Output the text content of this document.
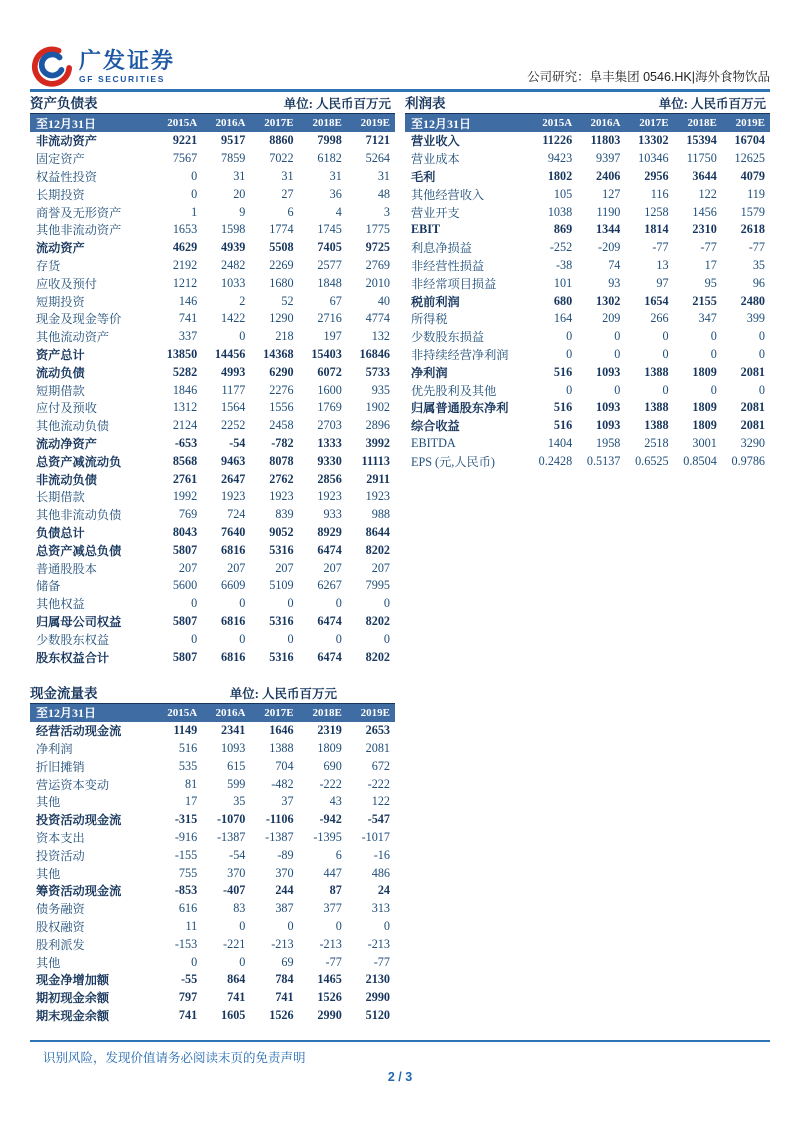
广发证券
GF SECURITIES	公司研究：阜丰集团 0546.HK|海外食物饮品
资产负债表	单位: 人民币百万元
至12月31日	2015A	2016A	2017E	2018E	2019E
非流动资产	9221	9517	8860	7998	7121
固定资产	7567	7859	7022	6182	5264
权益性投资	0	31	31	31	31
长期投资	0	20	27	36	48
商誉及无形资产	1	9	6	4	3
其他非流动资产	1653	1598	1774	1745	1775
流动资产	4629	4939	5508	7405	9725
存货	2192	2482	2269	2577	2769
应收及预付	1212	1033	1680	1848	2010
短期投资	146	2	52	67	40
现金及现金等价	741	1422	1290	2716	4774
其他流动资产	337	0	218	197	132
资产总计	13850	14456	14368	15403	16846
流动负债	5282	4993	6290	6072	5733
短期借款	1846	1177	2276	1600	935
应付及预收	1312	1564	1556	1769	1902
其他流动负债	2124	2252	2458	2703	2896
流动净资产	-653	-54	-782	1333	3992
总资产减流动负	8568	9463	8078	9330	11113
非流动负债	2761	2647	2762	2856	2911
长期借款	1992	1923	1923	1923	1923
其他非流动负债	769	724	839	933	988
负债总计	8043	7640	9052	8929	8644
总资产减总负债	5807	6816	5316	6474	8202
普通股股本	207	207	207	207	207
储备	5600	6609	5109	6267	7995
其他权益	0	0	0	0	0
归属母公司权益	5807	6816	5316	6474	8202
少数股东权益	0	0	0	0	0
股东权益合计	5807	6816	5316	6474	8202
现金流量表	单位: 人民币百万元
至12月31日	2015A	2016A	2017E	2018E	2019E
经营活动现金流	1149	2341	1646	2319	2653
净利润	516	1093	1388	1809	2081
折旧摊销	535	615	704	690	672
营运资本变动	81	599	-482	-222	-222
其他	17	35	37	43	122
投资活动现金流	-315	-1070	-1106	-942	-547
资本支出	-916	-1387	-1387	-1395	-1017
投资活动	-155	-54	-89	6	-16
其他	755	370	370	447	486
筹资活动现金流	-853	-407	244	87	24
债务融资	616	83	387	377	313
股权融资	11	0	0	0	0
股利派发	-153	-221	-213	-213	-213
其他	0	0	69	-77	-77
现金净增加额	-55	864	784	1465	2130
期初现金余额	797	741	741	1526	2990
期末现金余额	741	1605	1526	2990	5120
利润表	单位: 人民币百万元
至12月31日	2015A	2016A	2017E	2018E	2019E
营业收入	11226	11803	13302	15394	16704
营业成本	9423	9397	10346	11750	12625
毛利	1802	2406	2956	3644	4079
其他经营收入	105	127	116	122	119
营业开支	1038	1190	1258	1456	1579
EBIT	869	1344	1814	2310	2618
利息净损益	-252	-209	-77	-77	-77
非经营性损益	-38	74	13	17	35
非经常项目损益	101	93	97	95	96
税前利润	680	1302	1654	2155	2480
所得税	164	209	266	347	399
少数股东损益	0	0	0	0	0
非持续经营净利润	0	0	0	0	0
净利润	516	1093	1388	1809	2081
优先股利及其他	0	0	0	0	0
归属普通股东净利	516	1093	1388	1809	2081
综合收益	516	1093	1388	1809	2081
EBITDA	1404	1958	2518	3001	3290
EPS (元,人民币)	0.2428	0.5137	0.6525	0.8504	0.9786
识别风险，发现价值请务必阅读末页的免责声明
2 / 3
